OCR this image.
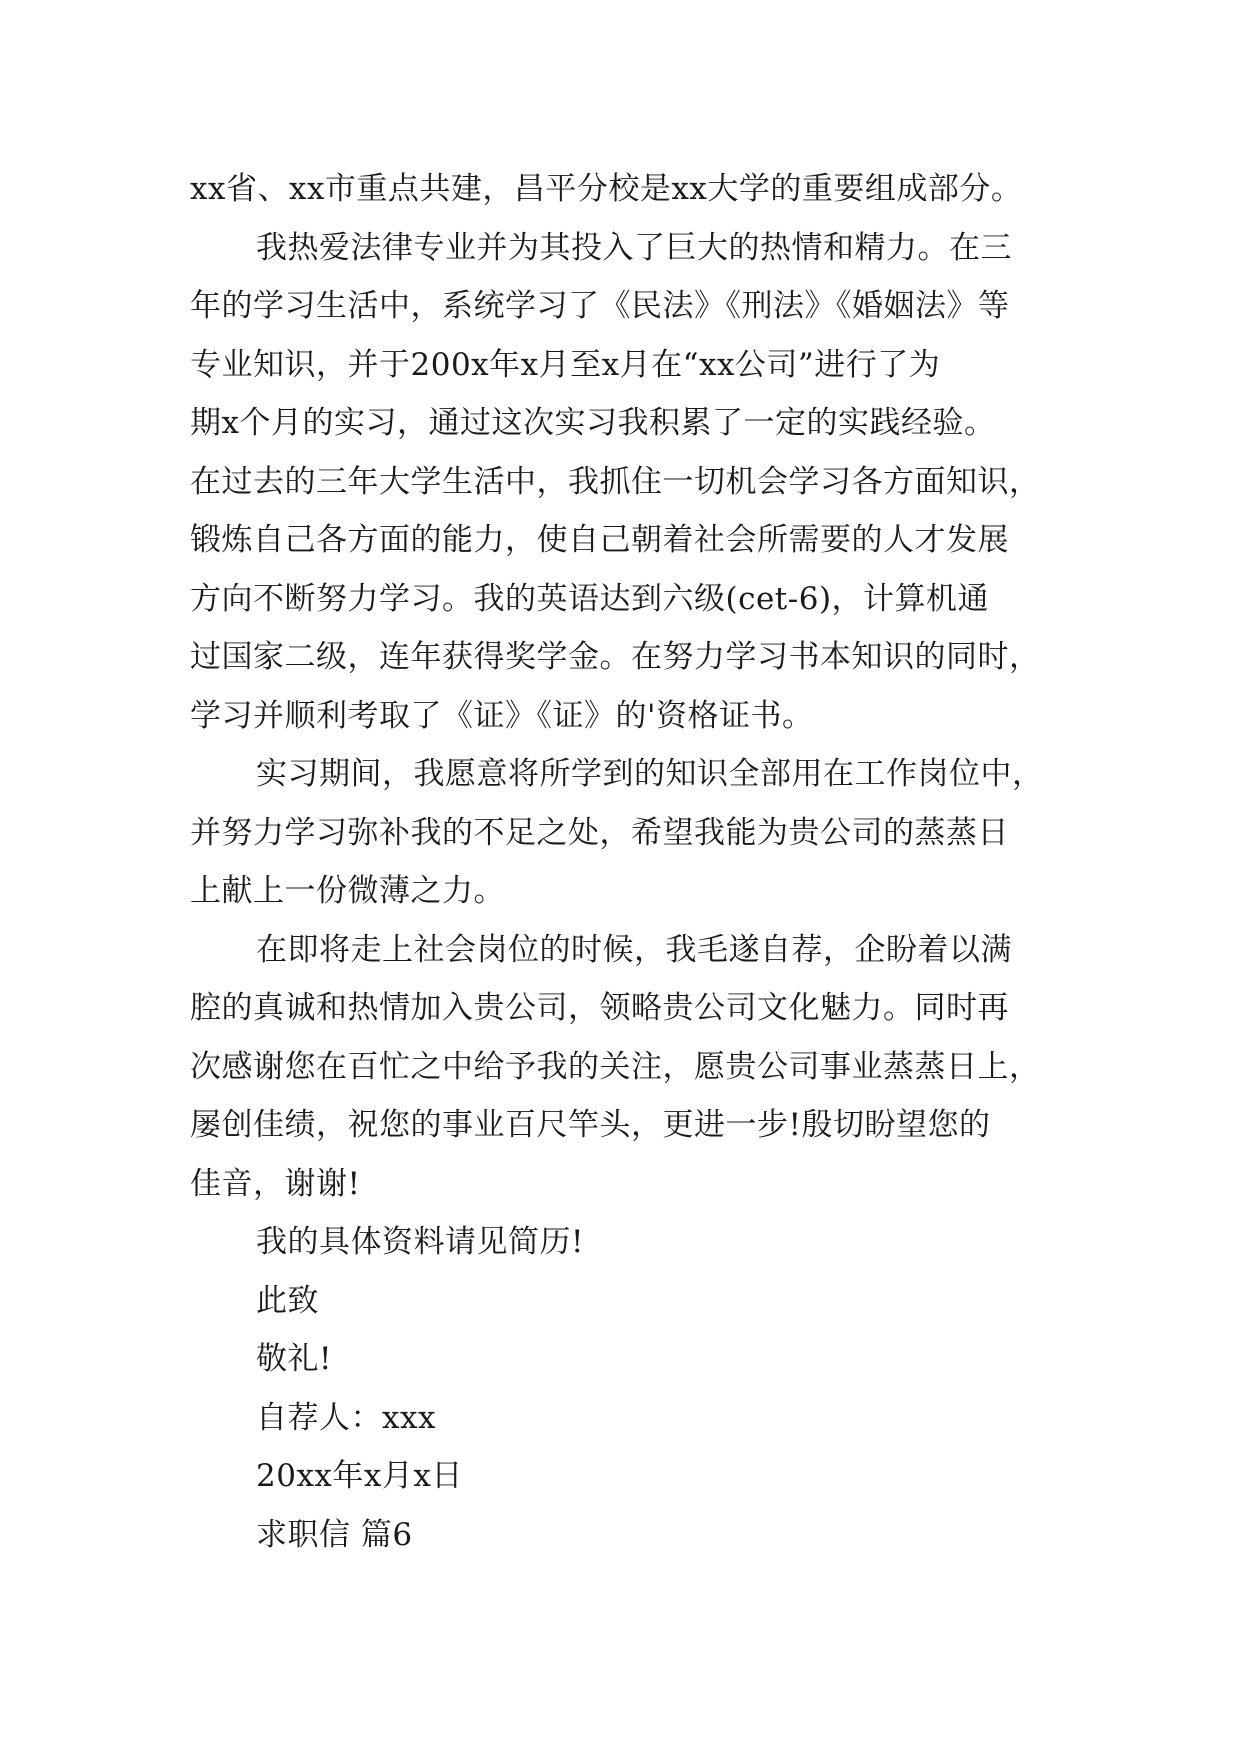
xx省、xx市重点共建，昌平分校是xx大学的重要组成部分。
我热爱法律专业并为其投入了巨大的热情和精力。在三
年的学习生活中，系统学习了《民法》《刑法》《婚姻法》等
专业知识，并于200x年x月至x月在“xx公司”进行了为
期x个月的实习，通过这次实习我积累了一定的实践经验。
在过去的三年大学生活中，我抓住一切机会学习各方面知识，
锻炼自己各方面的能力，使自己朝着社会所需要的人才发展
方向不断努力学习。我的英语达到六级(cet-6)，计算机通
过国家二级，连年获得奖学金。在努力学习书本知识的同时，
学习并顺利考取了《证》《证》的'资格证书。
实习期间，我愿意将所学到的知识全部用在工作岗位中，
并努力学习弥补我的不足之处，希望我能为贵公司的蒸蒸日
上献上一份微薄之力。
在即将走上社会岗位的时候，我毛遂自荐，企盼着以满
腔的真诚和热情加入贵公司，领略贵公司文化魅力。同时再
次感谢您在百忙之中给予我的关注，愿贵公司事业蒸蒸日上，
屡创佳绩，祝您的事业百尺竿头，更进一步!殷切盼望您的
佳音，谢谢!
我的具体资料请见简历!
此致
敬礼!
自荐人：xxx
20xx年x月x日
求职信 篇6
